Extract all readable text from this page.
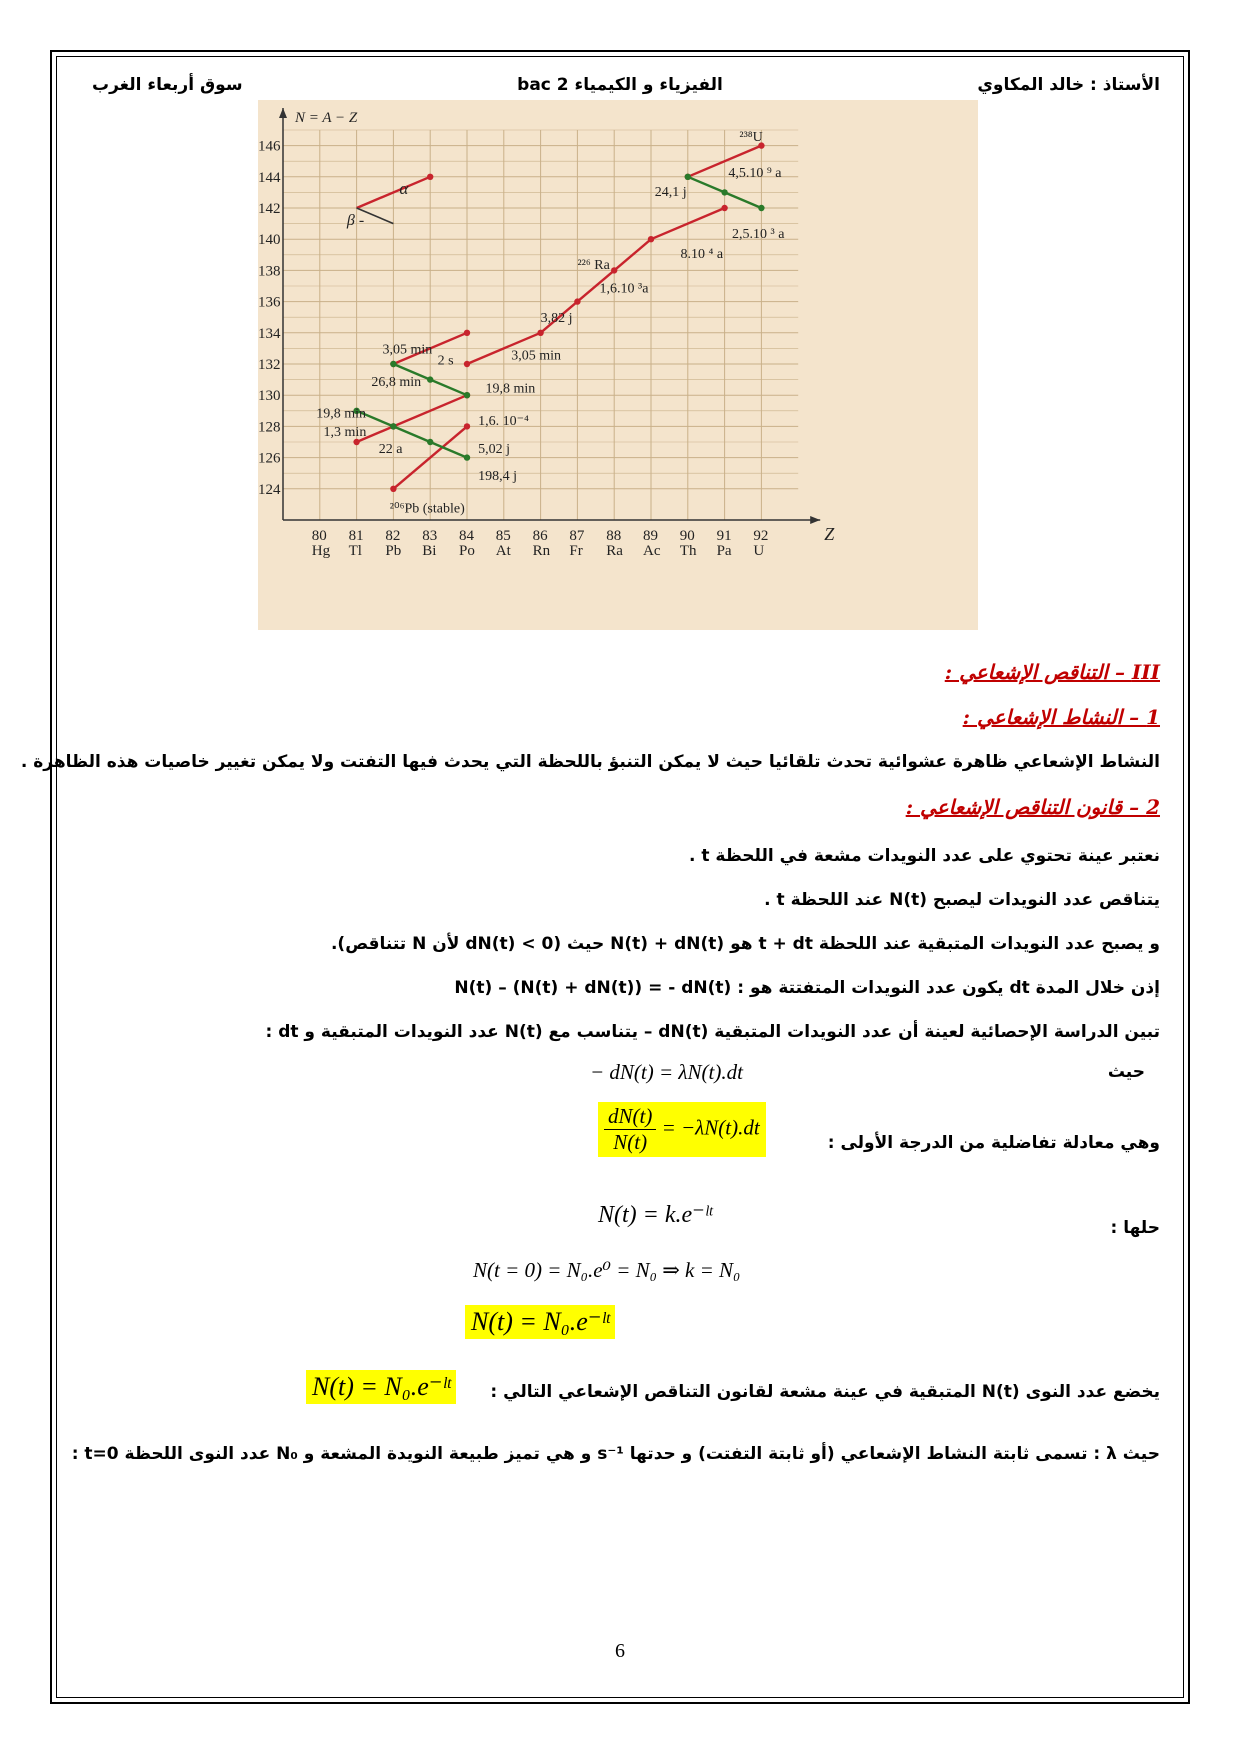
الأستاذ : خالد المكاوي
الفيزياء و الكيمياء 2 bac
سوق أربعاء الغرب
124
126
128
130
132
134
136
138
140
142
144
146
80
Hg
81
Tl
82
Pb
83
Bi
84
Po
85
At
86
Rn
87
Fr
88
Ra
89
Ac
90
Th
91
Pa
92
U
N = A − Z
Z
α
β -
²³⁸U
4,5.10 ⁹ a
24,1 j
2,5.10 ³ a
8.10 ⁴ a
²²⁶ Ra
1,6.10 ³a
3,82 j
3,05 min
2 s	3,05 min
26,8 min	19,8 min
19,8 min
1,3 min
1,6. 10⁻⁴
22 a	5,02 j
198,4 j
²⁰⁶Pb (stable)
III – التناقص الإشعاعي :
1 – النشاط الإشعاعي :
النشاط الإشعاعي ظاهرة عشوائية تحدث تلقائيا حيث لا يمكن التنبؤ باللحظة التي يحدث فيها التفتت ولا يمكن تغيير خاصيات هذه الظاهرة .
2 – قانون التناقص الإشعاعي :
نعتبر عينة تحتوي على عدد النويدات مشعة في اللحظة t .
يتناقص عدد النويدات ليصبح N(t) عند اللحظة t .
و يصبح عدد النويدات المتبقية عند اللحظة t + dt هو N(t) + dN(t) حيث (dN(t) < 0 لأن N تتناقص).
إذن خلال المدة dt يكون عدد النويدات المتفتتة هو : N(t) – (N(t) + dN(t)) = - dN(t)
تبين الدراسة الإحصائية لعينة أن عدد النويدات المتبقية dN(t) – يتناسب مع N(t) عدد النويدات المتبقية و dt :
حيث
− dN(t) = λN(t).dt
وهي معادلة تفاضلية من الدرجة الأولى :
$\frac{dN(t)}{N(t)} = -\lambda N(t).dt$
حلها :
N(t) = k.e⁻ˡᵗ
N(t = 0) = N₀.e⁰ = N₀ ⇒ k = N₀
N(t) = N₀.e⁻ˡᵗ
يخضع عدد النوى N(t) المتبقية في عينة مشعة لقانون التناقص الإشعاعي التالي :
N(t) = N₀.e⁻ˡᵗ
حيث λ : تسمى ثابتة النشاط الإشعاعي (أو ثابتة التفتت) و حدتها s⁻¹ و هي تميز طبيعة النويدة المشعة و N₀ عدد النوى اللحظة t=0 :
6
